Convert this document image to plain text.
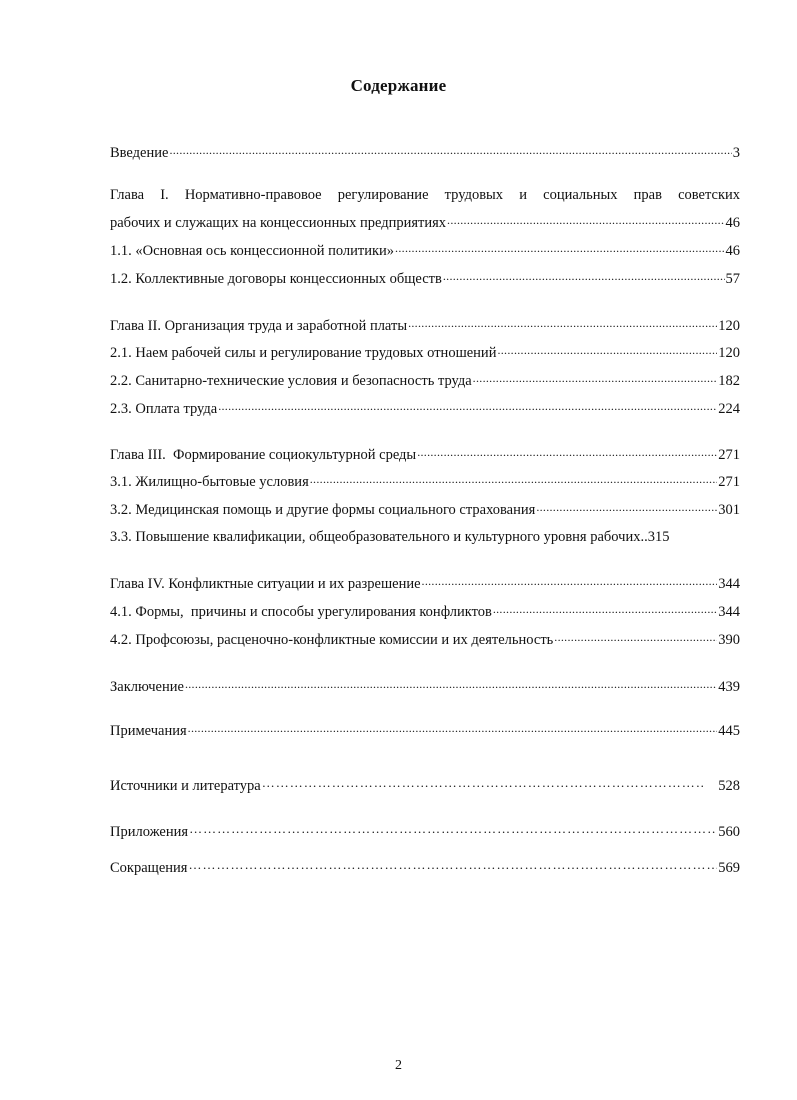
Содержание
Введение .....	3
Глава I. Нормативно-правовое регулирование трудовых и социальных прав советских
рабочих и служащих на концессионных предприятиях .....	46
1.1. «Основная ось концессионной политики» .....	46
1.2. Коллективные договоры концессионных обществ .....	57
Глава II. Организация труда и заработной платы .....	120
2.1. Наем рабочей силы и регулирование трудовых отношений .....	120
2.2. Санитарно-технические условия и безопасность труда .....	182
2.3. Оплата труда .....	224
Глава III.  Формирование социокультурной среды .....	271
3.1. Жилищно-бытовые условия .....	271
3.2. Медицинская помощь и другие формы социального страхования .....	301
3.3. Повышение квалификации, общеобразовательного и культурного уровня рабочих.. 315
Глава IV. Конфликтные ситуации и их разрешение .....	344
4.1. Формы,  причины и способы урегулирования конфликтов .....	344
4.2. Профсоюзы, расценочно-конфликтные комиссии и их деятельность .....	390
Заключение .....	439
Примечания .....	445
Источники и литература …………………………………………………………………………………………………………………………………………………………………………………………………………………………………………………………………………	528
Приложения …………………………………………………………………………………………………………………………………………………………………………………………………………………………………………………………………………	560
Сокращения …………………………………………………………………………………………………………………………………………………………………………………………………………………………………………………………………………	569
2
